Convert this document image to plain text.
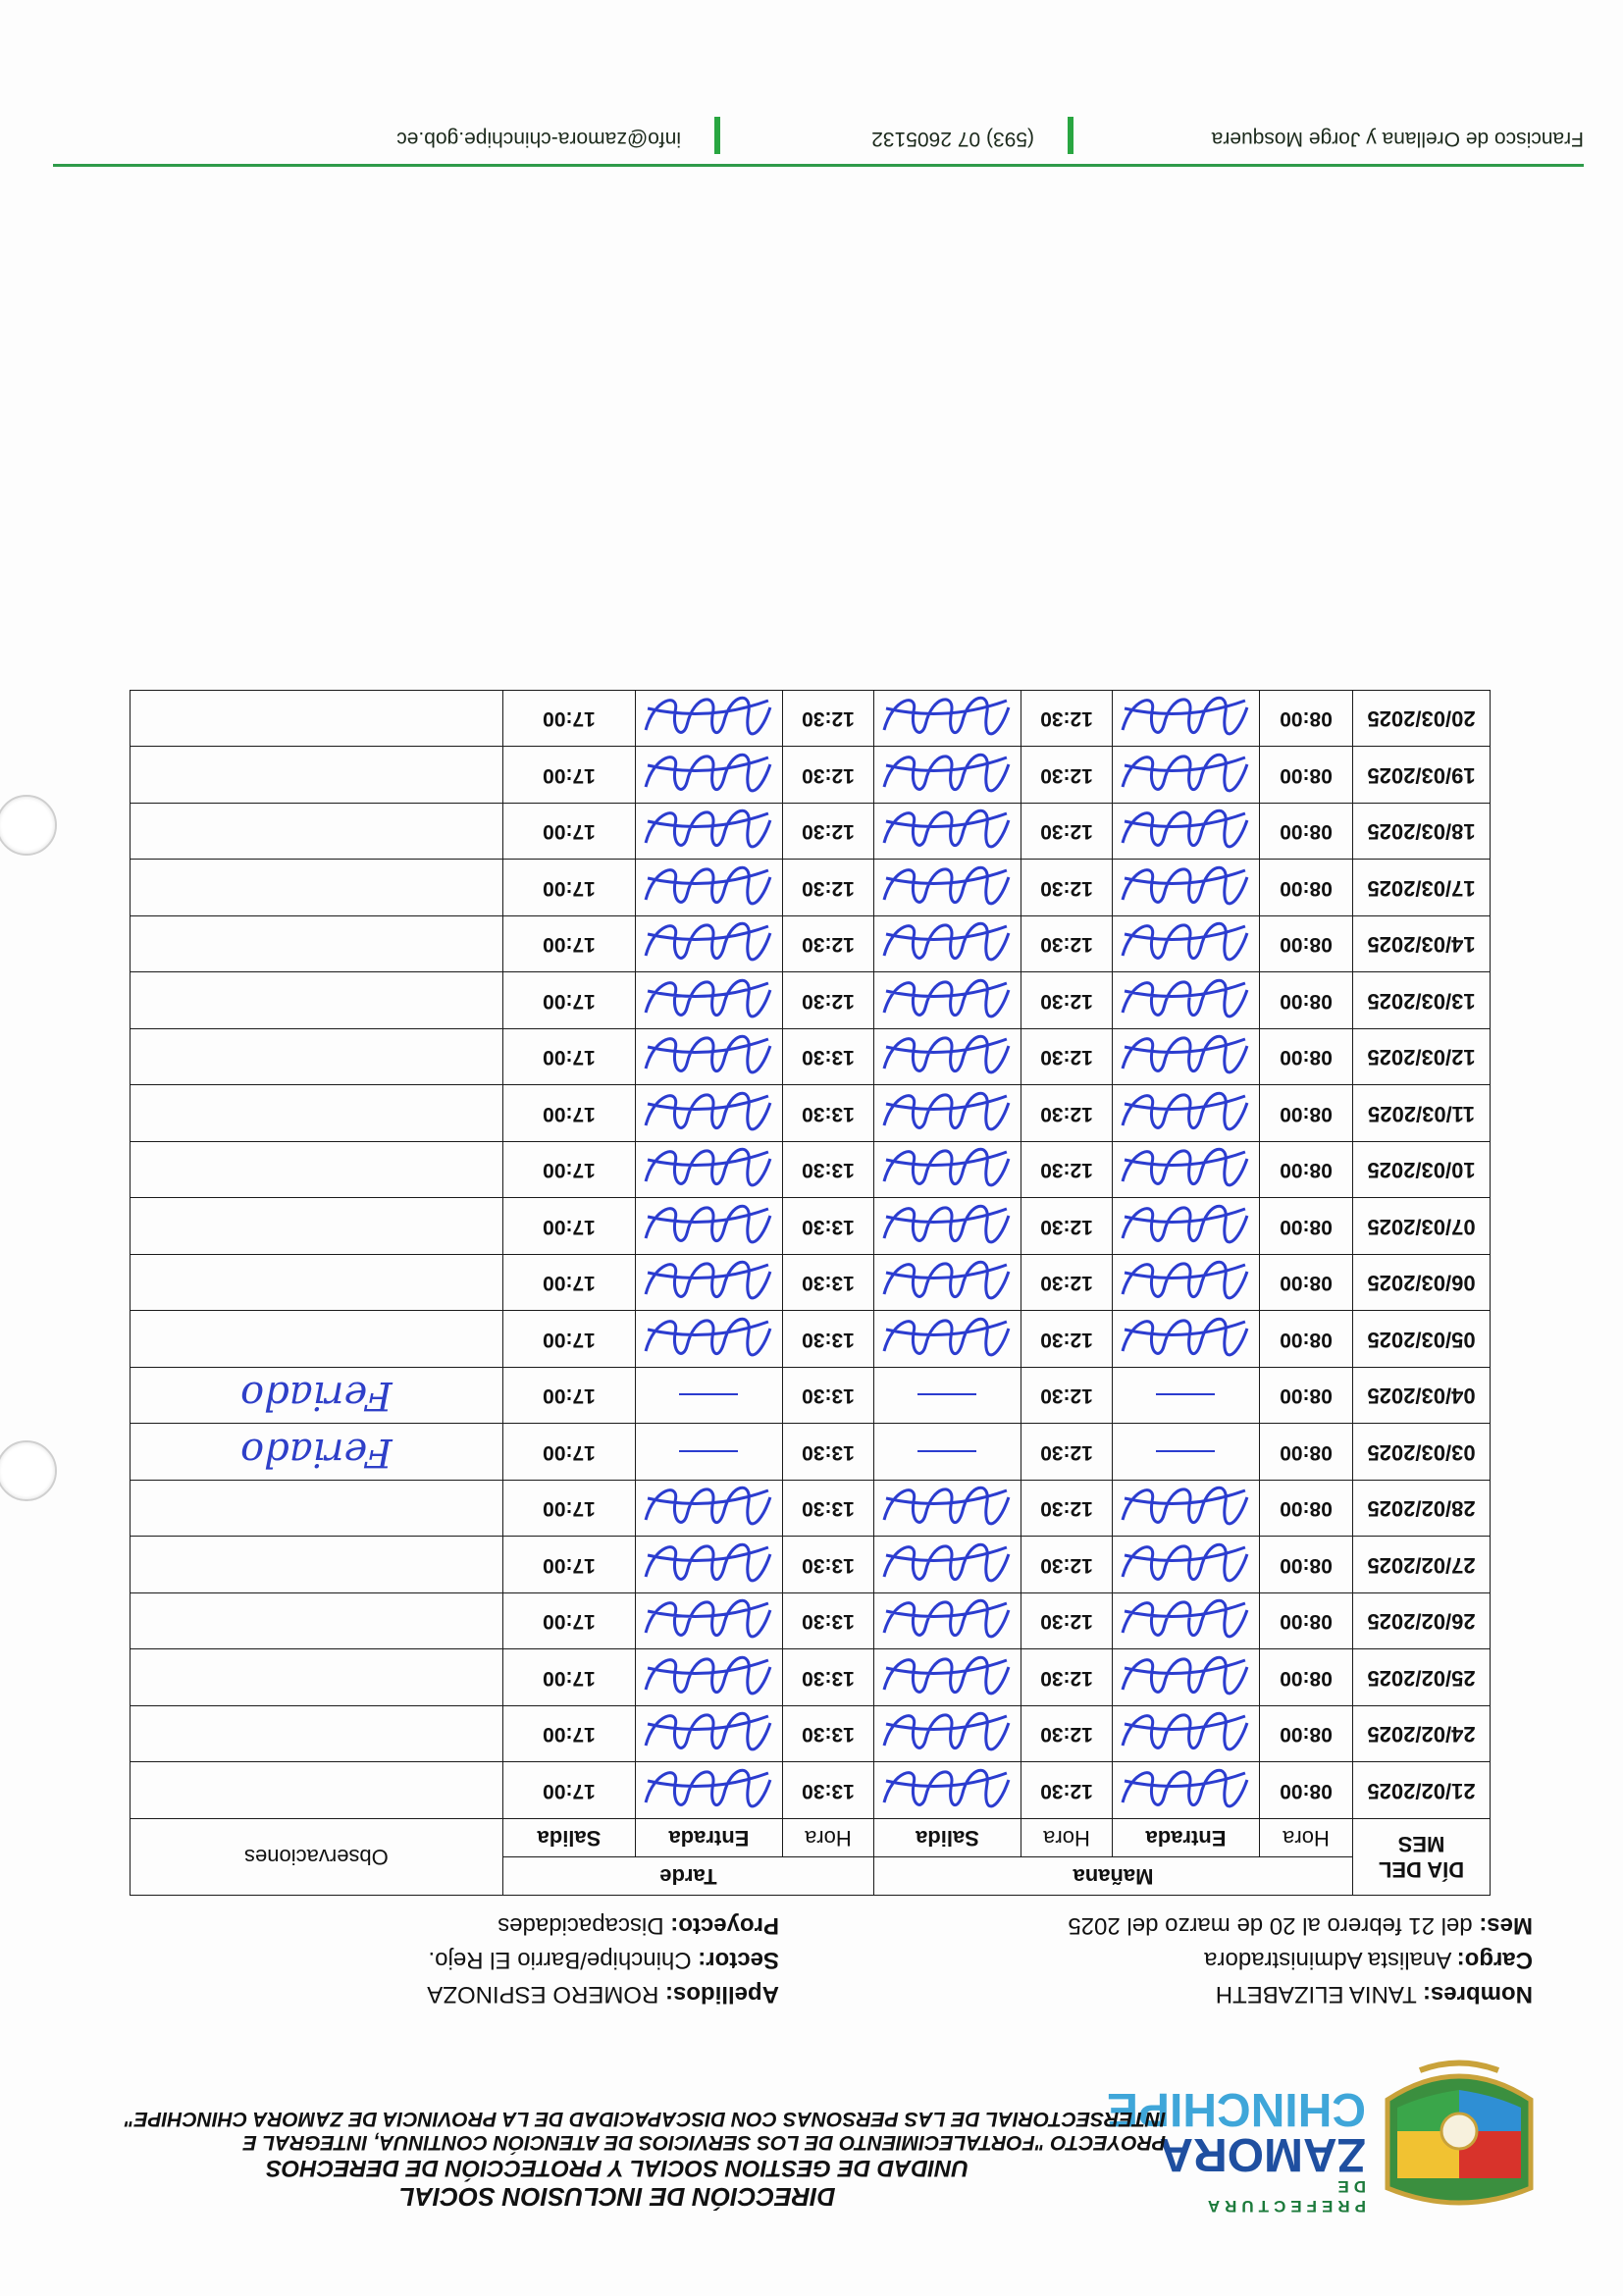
PREFECTURA DE
ZAMORA
CHINCHIPE
DIRECCIÓN DE INCLUSION SOCIAL
UNIDAD DE GESTION SOCIAL Y PROTECCIÓN DE DERECHOS
PROYECTO "FORTALECIMIENTO DE LOS SERVICIOS DE ATENCIÓN CONTINUA, INTEGRAL E INTERSECTORIAL DE LAS PERSONAS CON DISCAPACIDAD DE LA PROVINCIA DE ZAMORA CHINCHIPE"
Nombres: TANIA ELIZABETH
Cargo: Analista Administradora
Mes: del 21 febrero al 20 de marzo del 2025
Apellidos: ROMERO ESPINOZA
Sector: Chinchipe/Barrio El Rejo.
Proyecto: Discapacidades
DÍA DEL MES	Mañana				Tarde			Observaciones
	Hora	Entrada	Hora	Salida	Hora	Entrada	Salida	
21/02/2025	08:00		12:30		13:30		17:00	
24/02/2025	08:00		12:30		13:30		17:00	
25/02/2025	08:00		12:30		13:30		17:00	
26/02/2025	08:00		12:30		13:30		17:00	
27/02/2025	08:00		12:30		13:30		17:00	
28/02/2025	08:00		12:30		13:30		17:00	
03/03/2025	08:00		12:30		13:30		17:00	Feriado
04/03/2025	08:00		12:30		13:30		17:00	Feriado
05/03/2025	08:00		12:30		13:30		17:00	
06/03/2025	08:00		12:30		13:30		17:00	
07/03/2025	08:00		12:30		13:30		17:00	
10/03/2025	08:00		12:30		13:30		17:00	
11/03/2025	08:00		12:30		13:30		17:00	
12/03/2025	08:00		12:30		13:30		17:00	
13/03/2025	08:00		12:30		12:30		17:00	
14/03/2025	08:00		12:30		12:30		17:00	
17/03/2025	08:00		12:30		12:30		17:00	
18/03/2025	08:00		12:30		12:30		17:00	
19/03/2025	08:00		12:30		12:30		17:00	
20/03/2025	08:00		12:30		12:30		17:00	
Francisco de Orellana y Jorge Mosquera
(593) 07 2605132
info@zamora-chinchipe.gob.ec
